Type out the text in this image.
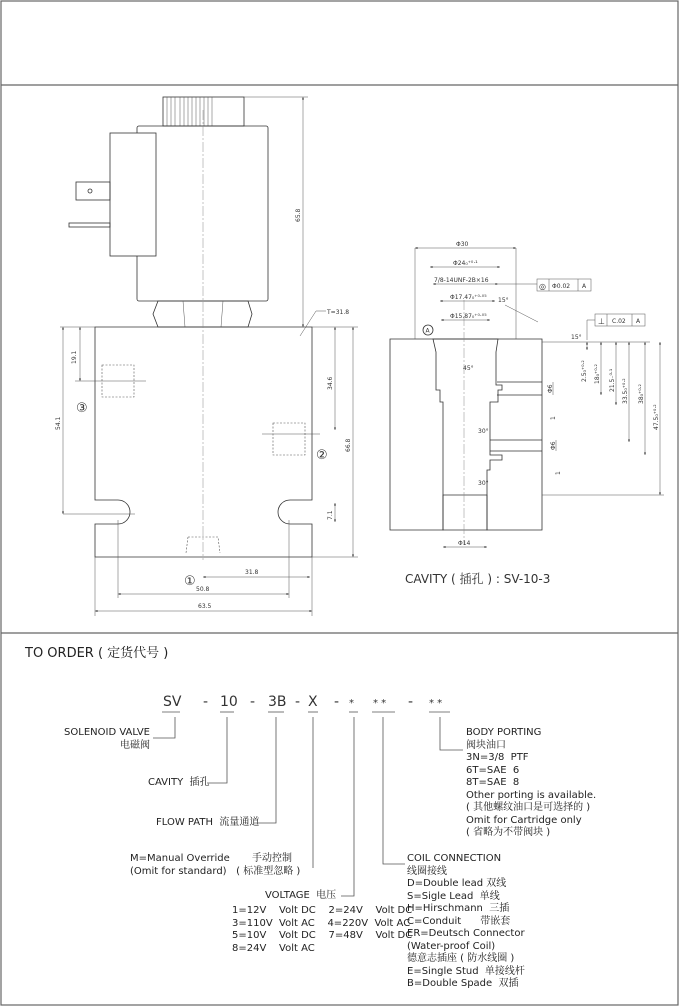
65.8
66.8
34.6
19.1
54.1
7.1
31.8
50.8
63.5
T=31.8
①
②
③
Φ30
Φ24₀⁺⁰·¹
7/8-14UNF-2B×16
Φ17.47₀⁺⁰·⁰⁵
Φ15.87₀⁺⁰·⁰⁵
Φ14
15°
45°
30°
30°
15°
A
Φ6
Φ6
1
1
2.5₀⁺⁰·² 18₀⁺⁰·² 21.5₋⁰·¹ 33.5₀⁺⁰·² 38₀⁺⁰·²
47.5₀⁺⁰·²
◎ Φ0.02 A
⊥ C.02 A
CAVITY ( 插孔 ) : SV-10-3
TO ORDER ( 定货代号 )
SV - 10 - 3B - X - * * * - * *
SOLENOID VALVE
电磁阀
CAVITY  插孔
FLOW PATH  流量通道
M=Manual Override       手动控制
(Omit for standard)   ( 标准型忽略 )
VOLTAGE  电压
1=12V    Volt DC    2=24V    Volt DC
3=110V  Volt AC    4=220V  Volt AC
5=10V    Volt DC    7=48V    Volt DC
8=24V    Volt AC
COIL CONNECTION
线圈接线
D=Double lead 双线
S=Sigle Lead  单线
H=Hirschmann  三插
C=Conduit      带嵌套
ER=Deutsch Connector
(Water-proof Coil)
德意志插座 ( 防水线圈 )
E=Single Stud  单接线杆
B=Double Spade  双插
BODY PORTING
阀块油口
3N=3/8  PTF
6T=SAE  6
8T=SAE  8
Other porting is available.
( 其他螺纹油口是可选择的 )
Omit for Cartridge only
( 省略为不带阀块 )
